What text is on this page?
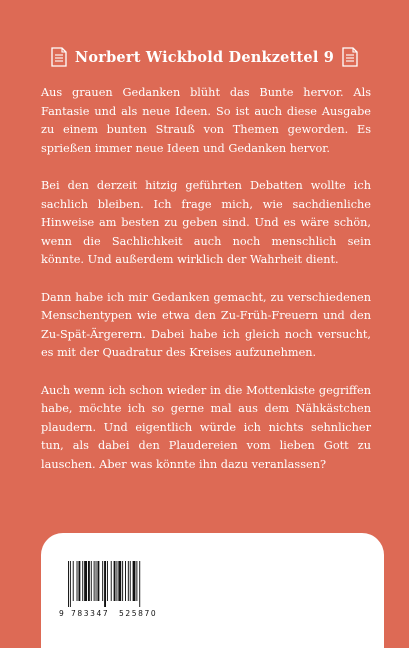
Norbert Wickbold Denkzettel 9

Aus grauen Gedanken blüht das Bunte hervor. Als Fantasie und als neue Ideen. So ist auch diese Ausgabe zu einem bunten Strauß von Themen geworden. Es sprießen immer neue Ideen und Gedanken hervor.

Bei den derzeit hitzig geführten Debatten wollte ich sachlich bleiben. Ich frage mich, wie sachdienliche Hinweise am besten zu geben sind. Und es wäre schön, wenn die Sachlichkeit auch noch menschlich sein könnte. Und außerdem wirklich der Wahrheit dient.

Dann habe ich mir Gedanken gemacht, zu verschiedenen Menschentypen wie etwa den Zu-Früh-Freuern und den Zu-Spät-Ärgerern. Dabei habe ich gleich noch versucht, es mit der Quadratur des Kreises aufzunehmen.

Auch wenn ich schon wieder in die Mottenkiste gegriffen habe, möchte ich so gerne mal aus dem Nähkästchen plaudern. Und eigentlich würde ich nichts sehnlicher tun, als dabei den Plaudereien vom lieben Gott zu lauschen. Aber was könnte ihn dazu veranlassen?

9 783347 525870
